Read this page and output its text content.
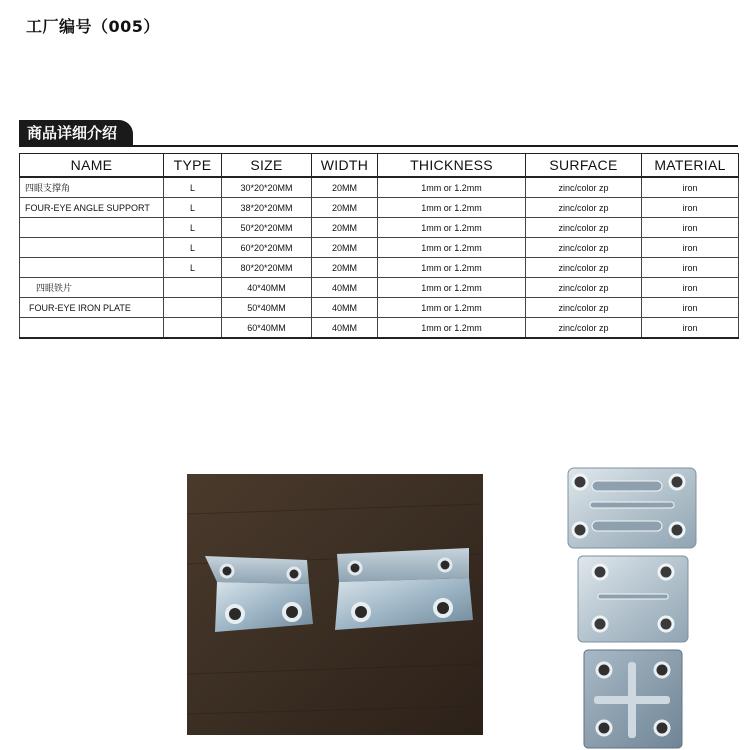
工厂编号（005）
商品详细介绍
NAME	TYPE	SIZE	WIDTH	THICKNESS	SURFACE	MATERIAL
四眼支撑角	L	30*20*20MM	20MM	1mm or 1.2mm	zinc/color zp	iron
FOUR-EYE ANGLE SUPPORT	L	38*20*20MM	20MM	1mm or 1.2mm	zinc/color zp	iron
	L	50*20*20MM	20MM	1mm or 1.2mm	zinc/color zp	iron
	L	60*20*20MM	20MM	1mm or 1.2mm	zinc/color zp	iron
	L	80*20*20MM	20MM	1mm or 1.2mm	zinc/color zp	iron
四眼铁片		40*40MM	40MM	1mm or 1.2mm	zinc/color zp	iron
FOUR-EYE IRON PLATE		50*40MM	40MM	1mm or 1.2mm	zinc/color zp	iron
		60*40MM	40MM	1mm or 1.2mm	zinc/color zp	iron
